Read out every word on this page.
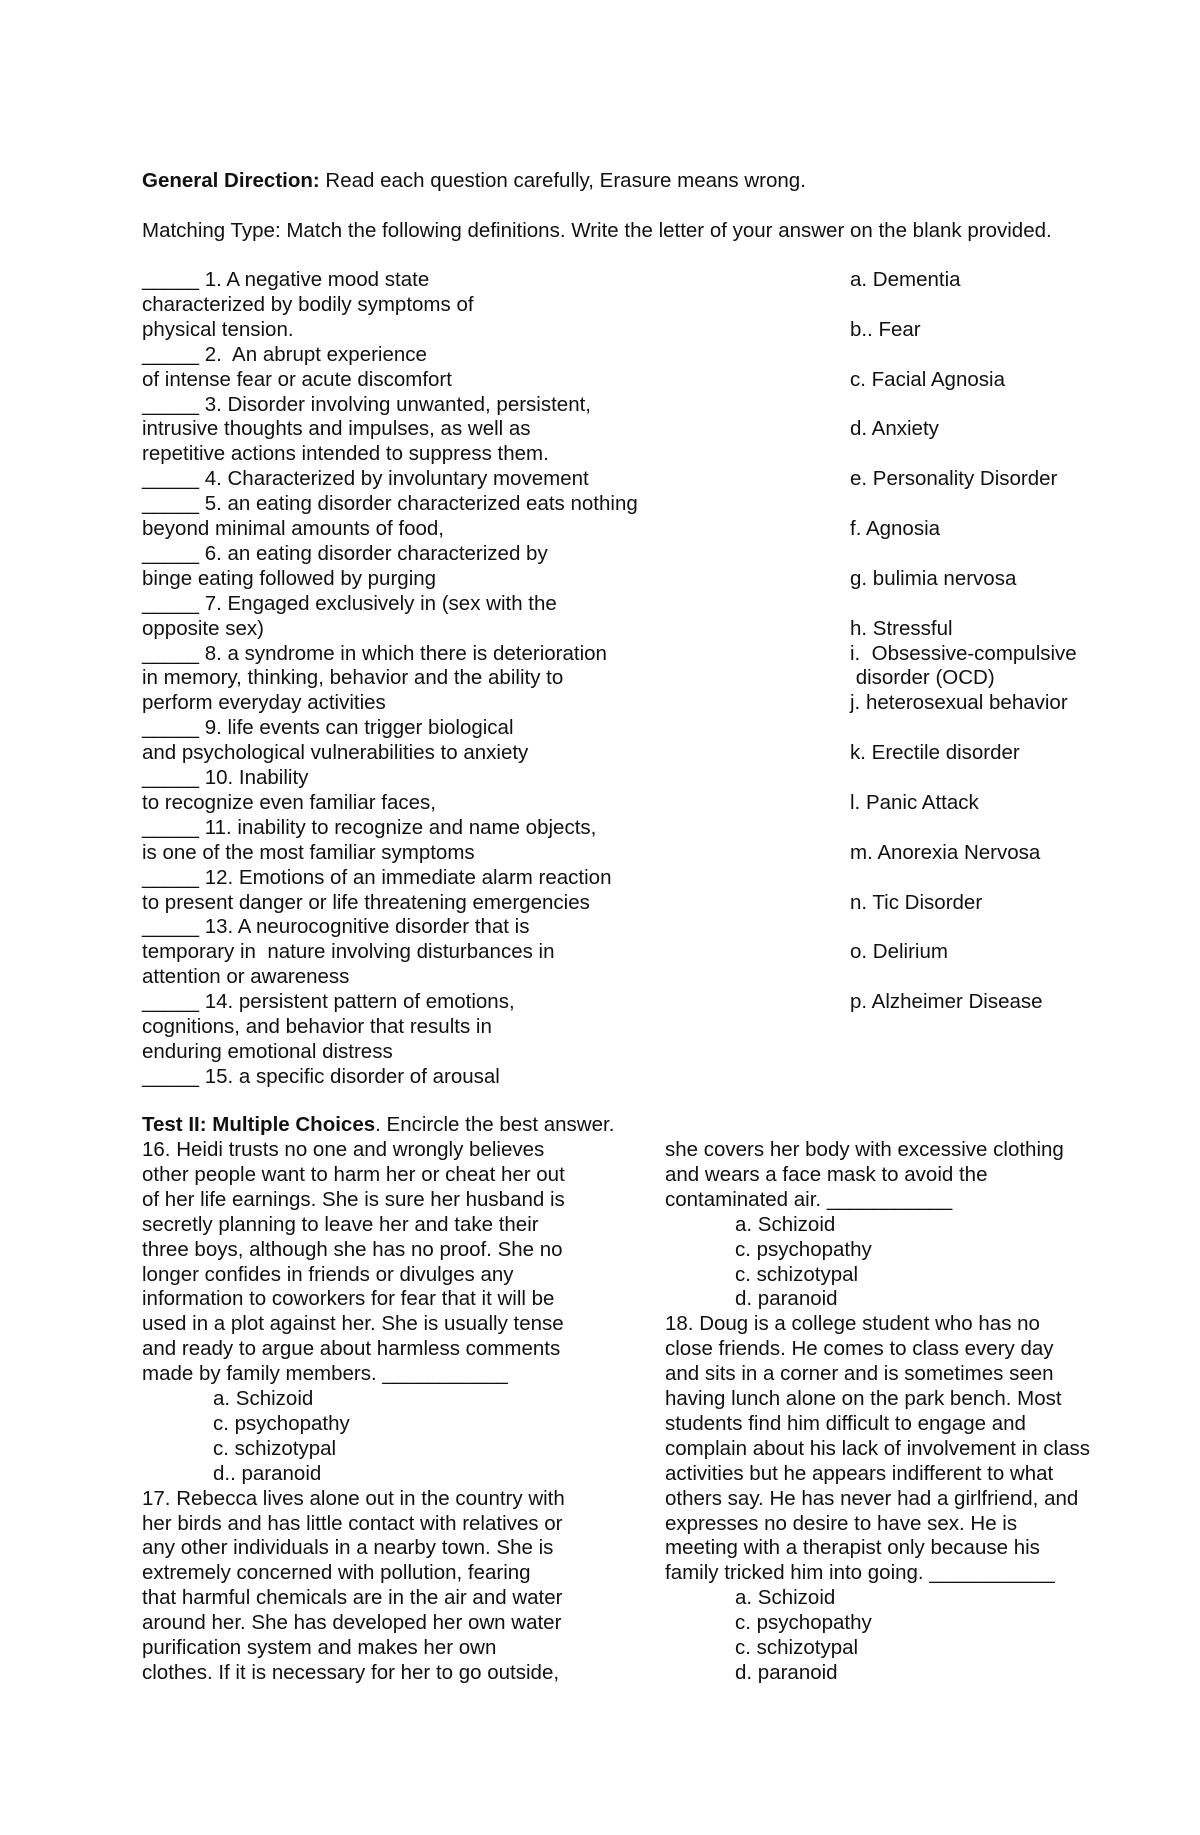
General Direction: Read each question carefully, Erasure means wrong.
Matching Type: Match the following definitions. Write the letter of your answer on the blank provided.
_____ 1. A negative mood state
characterized by bodily symptoms of
physical tension.
_____ 2.  An abrupt experience
of intense fear or acute discomfort
_____ 3. Disorder involving unwanted, persistent,
intrusive thoughts and impulses, as well as
repetitive actions intended to suppress them.
_____ 4. Characterized by involuntary movement
_____ 5. an eating disorder characterized eats nothing
beyond minimal amounts of food,
_____ 6. an eating disorder characterized by
binge eating followed by purging
_____ 7. Engaged exclusively in (sex with the
opposite sex)
_____ 8. a syndrome in which there is deterioration
in memory, thinking, behavior and the ability to
perform everyday activities
_____ 9. life events can trigger biological
and psychological vulnerabilities to anxiety
_____ 10. Inability
to recognize even familiar faces,
_____ 11. inability to recognize and name objects,
is one of the most familiar symptoms
_____ 12. Emotions of an immediate alarm reaction
to present danger or life threatening emergencies
_____ 13. A neurocognitive disorder that is
temporary in  nature involving disturbances in
attention or awareness
_____ 14. persistent pattern of emotions,
cognitions, and behavior that results in
enduring emotional distress
_____ 15. a specific disorder of arousal
a. Dementia
b.. Fear
c. Facial Agnosia
d. Anxiety
e. Personality Disorder
f. Agnosia
g. bulimia nervosa
h. Stressful
i.  Obsessive-compulsive
disorder (OCD)
j. heterosexual behavior
k. Erectile disorder
l. Panic Attack
m. Anorexia Nervosa
n. Tic Disorder
o. Delirium
p. Alzheimer Disease
Test II: Multiple Choices. Encircle the best answer.
16. Heidi trusts no one and wrongly believes
other people want to harm her or cheat her out
of her life earnings. She is sure her husband is
secretly planning to leave her and take their
three boys, although she has no proof. She no
longer confides in friends or divulges any
information to coworkers for fear that it will be
used in a plot against her. She is usually tense
and ready to argue about harmless comments
made by family members. ___________
a. Schizoid
c. psychopathy
c. schizotypal
d.. paranoid
17. Rebecca lives alone out in the country with
her birds and has little contact with relatives or
any other individuals in a nearby town. She is
extremely concerned with pollution, fearing
that harmful chemicals are in the air and water
around her. She has developed her own water
purification system and makes her own
clothes. If it is necessary for her to go outside,
she covers her body with excessive clothing
and wears a face mask to avoid the
contaminated air. ___________
a. Schizoid
c. psychopathy
c. schizotypal
d. paranoid
18. Doug is a college student who has no
close friends. He comes to class every day
and sits in a corner and is sometimes seen
having lunch alone on the park bench. Most
students find him difficult to engage and
complain about his lack of involvement in class
activities but he appears indifferent to what
others say. He has never had a girlfriend, and
expresses no desire to have sex. He is
meeting with a therapist only because his
family tricked him into going. ___________
a. Schizoid
c. psychopathy
c. schizotypal
d. paranoid
